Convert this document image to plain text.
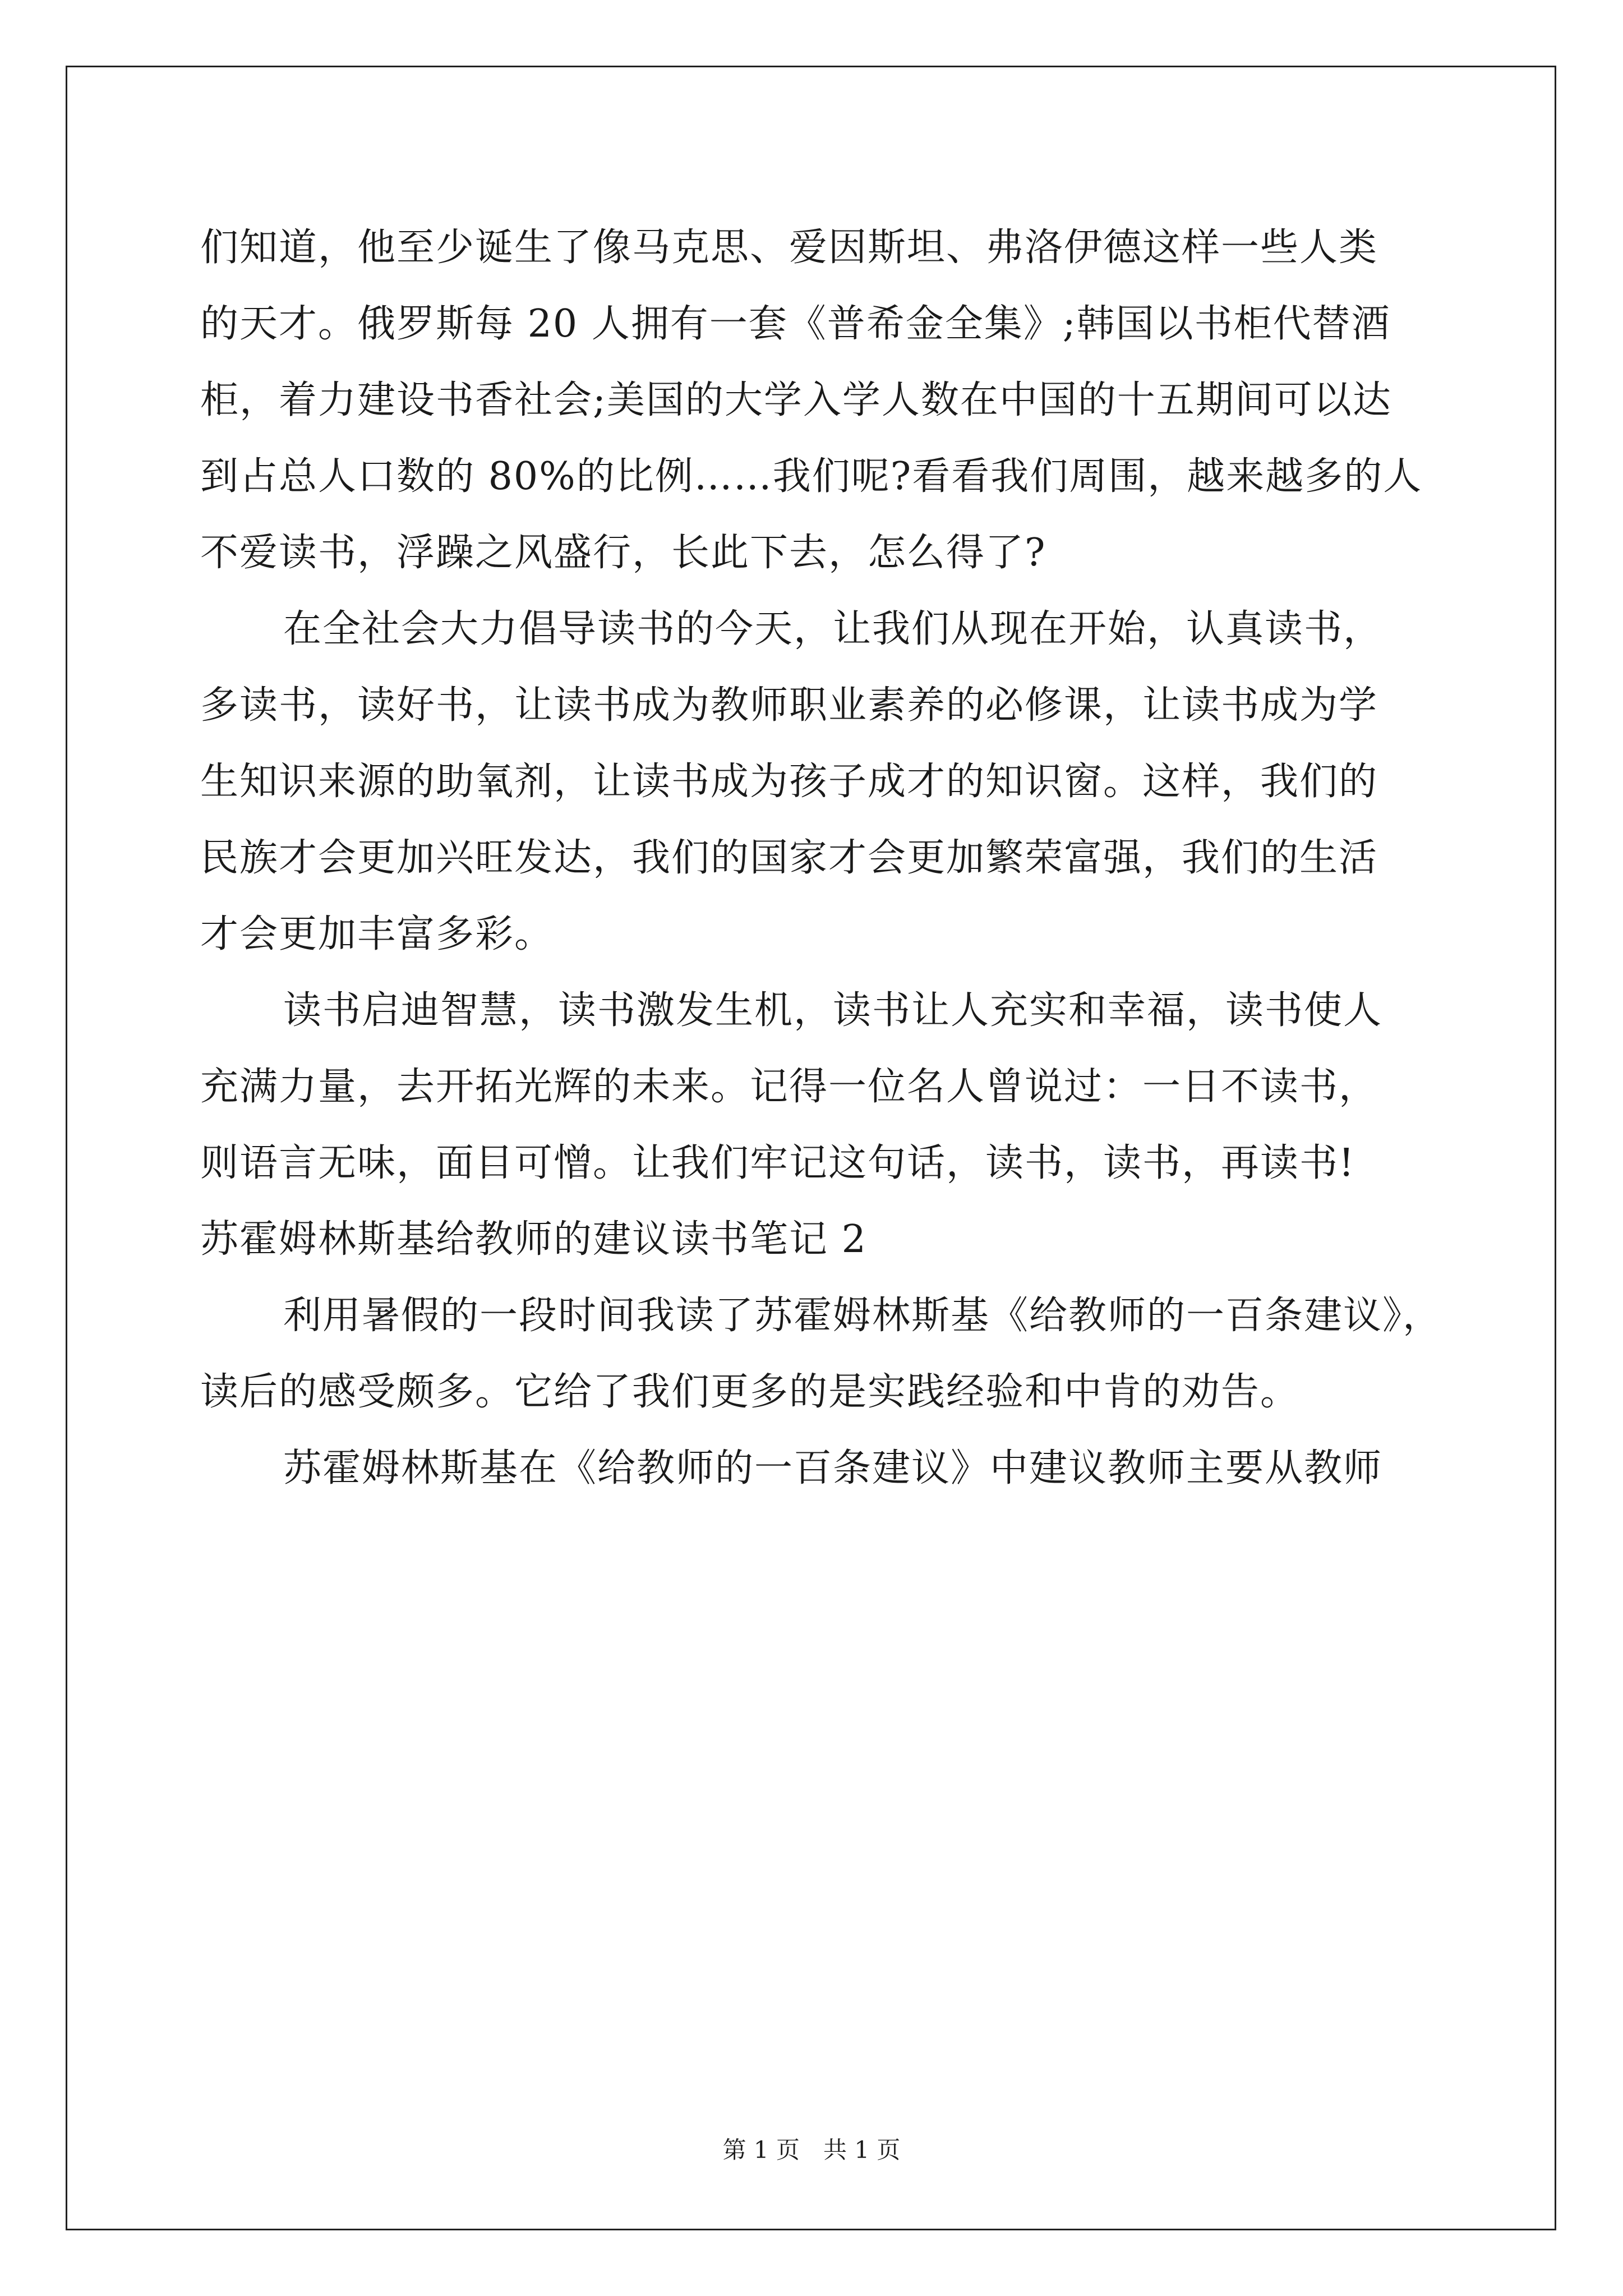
们知道，他至少诞生了像马克思、爱因斯坦、弗洛伊德这样一些人类
的天才。俄罗斯每 20 人拥有一套《普希金全集》;韩国以书柜代替酒
柜，着力建设书香社会;美国的大学入学人数在中国的十五期间可以达
到占总人口数的 80%的比例……我们呢?看看我们周围，越来越多的人
不爱读书，浮躁之风盛行，长此下去，怎么得了?
在全社会大力倡导读书的今天，让我们从现在开始，认真读书，
多读书，读好书，让读书成为教师职业素养的必修课，让读书成为学
生知识来源的助氧剂，让读书成为孩子成才的知识窗。这样，我们的
民族才会更加兴旺发达，我们的国家才会更加繁荣富强，我们的生活
才会更加丰富多彩。
读书启迪智慧，读书激发生机，读书让人充实和幸福，读书使人
充满力量，去开拓光辉的未来。记得一位名人曾说过：一日不读书，
则语言无味，面目可憎。让我们牢记这句话，读书，读书，再读书!
苏霍姆林斯基给教师的建议读书笔记 2
利用暑假的一段时间我读了苏霍姆林斯基《给教师的一百条建议》，
读后的感受颇多。它给了我们更多的是实践经验和中肯的劝告。
苏霍姆林斯基在《给教师的一百条建议》中建议教师主要从教师
第 1 页　共 1 页
